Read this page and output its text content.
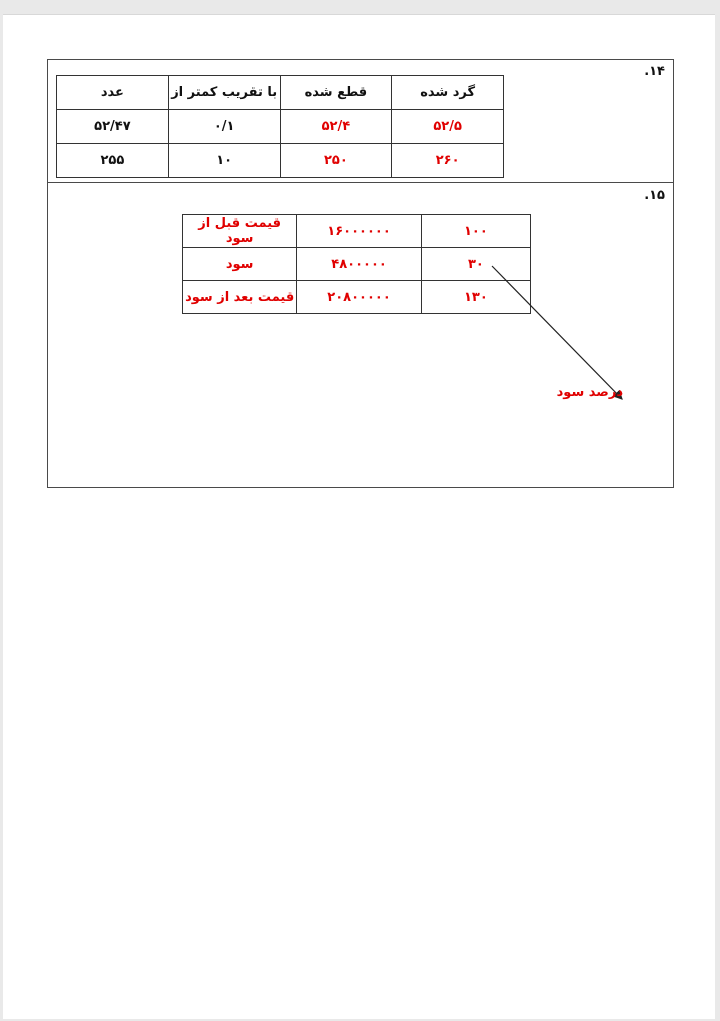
.۱۴
گرد شده	قطع شده	با تقریب کمتر از	عدد
۵۲/۵	۵۲/۴	۰/۱	۵۲/۴۷
۲۶۰	۲۵۰	۱۰	۲۵۵
.۱۵
۱۰۰	۱۶۰۰۰۰۰۰	قیمت قبل از سود
۳۰	۴۸۰۰۰۰۰	سود
۱۳۰	۲۰۸۰۰۰۰۰	قیمت بعد از سود
درصد سود
